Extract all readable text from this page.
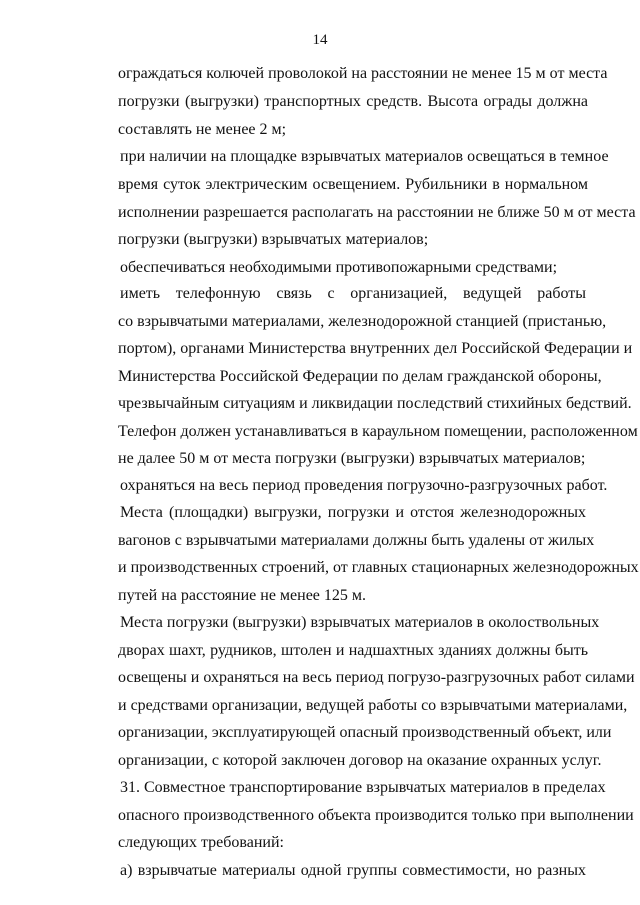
14
ограждаться колючей проволокой на расстоянии не менее 15 м от места
погрузки (выгрузки) транспортных средств. Высота ограды должна
составлять не менее 2 м;
при наличии на площадке взрывчатых материалов освещаться в темное
время суток электрическим освещением. Рубильники в нормальном
исполнении разрешается располагать на расстоянии не ближе 50 м от места
погрузки (выгрузки) взрывчатых материалов;
обеспечиваться необходимыми противопожарными средствами;
иметь телефонную связь с организацией, ведущей работы
со взрывчатыми материалами, железнодорожной станцией (пристанью,
портом), органами Министерства внутренних дел Российской Федерации и
Министерства Российской Федерации по делам гражданской обороны,
чрезвычайным ситуациям и ликвидации последствий стихийных бедствий.
Телефон должен устанавливаться в караульном помещении, расположенном
не далее 50 м от места погрузки (выгрузки) взрывчатых материалов;
охраняться на весь период проведения погрузочно-разгрузочных работ.
Места (площадки) выгрузки, погрузки и отстоя железнодорожных
вагонов с взрывчатыми материалами должны быть удалены от жилых
и производственных строений, от главных стационарных железнодорожных
путей на расстояние не менее 125 м.
Места погрузки (выгрузки) взрывчатых материалов в околоствольных
дворах шахт, рудников, штолен и надшахтных зданиях должны быть
освещены и охраняться на весь период погрузо-разгрузочных работ силами
и средствами организации, ведущей работы со взрывчатыми материалами,
организации, эксплуатирующей опасный производственный объект, или
организации, с которой заключен договор на оказание охранных услуг.
31. Совместное транспортирование взрывчатых материалов в пределах
опасного производственного объекта производится только при выполнении
следующих требований:
а) взрывчатые материалы одной группы совместимости, но разных
